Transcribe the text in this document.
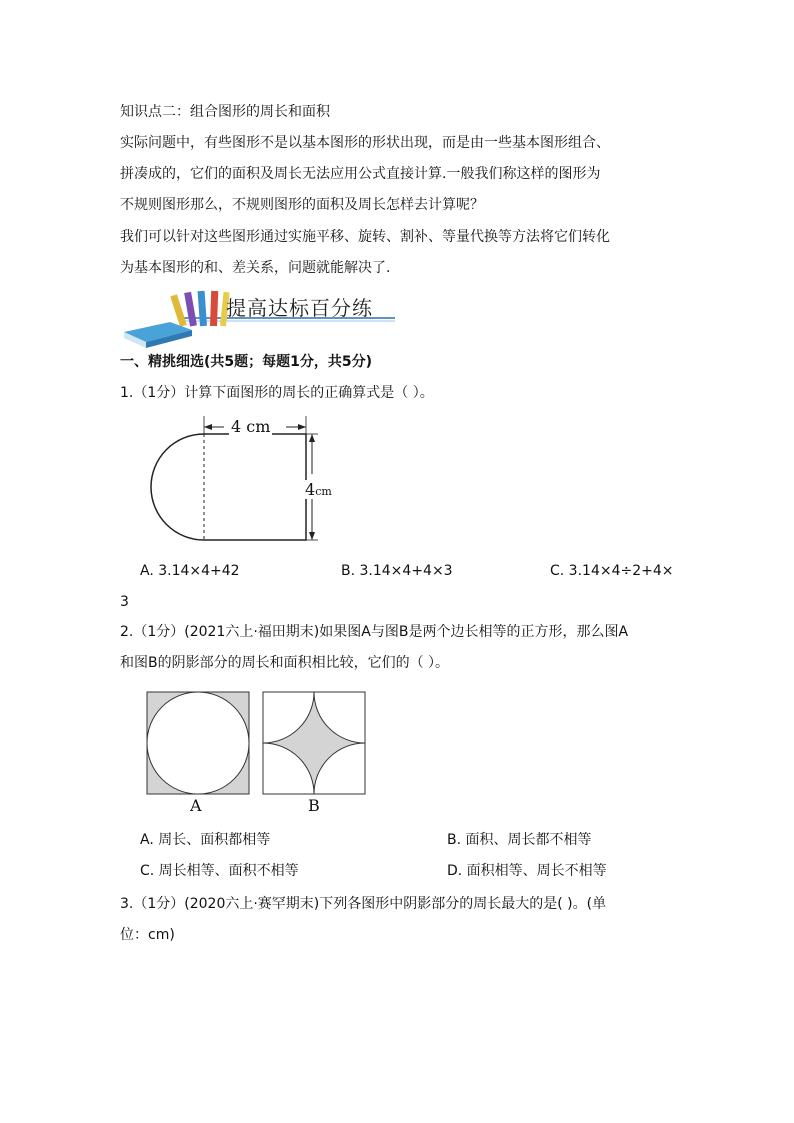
知识点二：组合图形的周长和面积
实际问题中，有些图形不是以基本图形的形状出现，而是由一些基本图形组合、
拼凑成的，它们的面积及周长无法应用公式直接计算.一般我们称这样的图形为
不规则图形那么，不规则图形的面积及周长怎样去计算呢？
我们可以针对这些图形通过实施平移、旋转、割补、等量代换等方法将它们转化
为基本图形的和、差关系，问题就能解决了.
提高达标百分练
一、精挑细选(共5题；每题1分，共5分)
1.（1分）计算下面图形的周长的正确算式是（ ）。
4 cm
4cm
A. 3.14×4+42	B. 3.14×4+4×3	C. 3.14×4÷2+4×
3
2.（1分）(2021六上·福田期末)如果图A与图B是两个边长相等的正方形，那么图A
和图B的阴影部分的周长和面积相比较，它们的（ ）。
A	B
A. 周长、面积都相等	B. 面积、周长都不相等
C. 周长相等、面积不相等	D. 面积相等、周长不相等
3.（1分）(2020六上·赛罕期末)下列各图形中阴影部分的周长最大的是( )。(单
位：cm)
